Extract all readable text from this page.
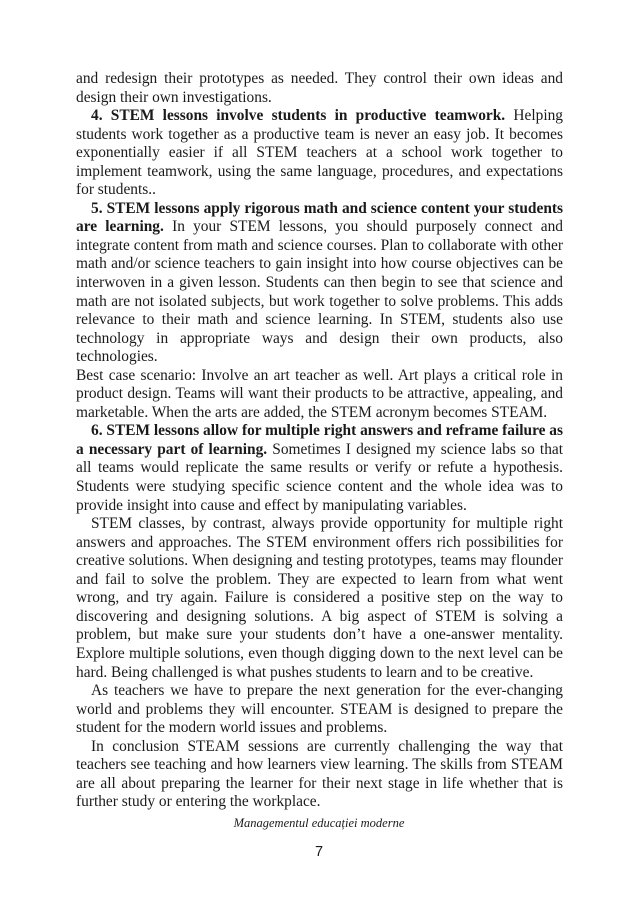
and redesign their prototypes as needed. They control their own ideas and design their own investigations.

4. STEM lessons involve students in productive teamwork. Helping students work together as a productive team is never an easy job. It becomes exponentially easier if all STEM teachers at a school work together to implement teamwork, using the same language, procedures, and expectations for students..

5. STEM lessons apply rigorous math and science content your students are learning. In your STEM lessons, you should purposely connect and integrate content from math and science courses. Plan to collaborate with other math and/or science teachers to gain insight into how course objectives can be interwoven in a given lesson. Students can then begin to see that science and math are not isolated subjects, but work together to solve problems. This adds relevance to their math and science learning. In STEM, students also use technology in appropriate ways and design their own products, also technologies.

Best case scenario: Involve an art teacher as well. Art plays a critical role in product design. Teams will want their products to be attractive, appealing, and marketable. When the arts are added, the STEM acronym becomes STEAM.

6. STEM lessons allow for multiple right answers and reframe failure as a necessary part of learning. Sometimes I designed my science labs so that all teams would replicate the same results or verify or refute a hypothesis. Students were studying specific science content and the whole idea was to provide insight into cause and effect by manipulating variables.

STEM classes, by contrast, always provide opportunity for multiple right answers and approaches. The STEM environment offers rich possibilities for creative solutions. When designing and testing prototypes, teams may flounder and fail to solve the problem. They are expected to learn from what went wrong, and try again. Failure is considered a positive step on the way to discovering and designing solutions. A big aspect of STEM is solving a problem, but make sure your students don’t have a one-answer mentality. Explore multiple solutions, even though digging down to the next level can be hard. Being challenged is what pushes students to learn and to be creative.

As teachers we have to prepare the next generation for the ever-changing world and problems they will encounter. STEAM is designed to prepare the student for the modern world issues and problems.

In conclusion STEAM sessions are currently challenging the way that teachers see teaching and how learners view learning. The skills from STEAM are all about preparing the learner for their next stage in life whether that is further study or entering the workplace.

Managementul educației moderne
7
